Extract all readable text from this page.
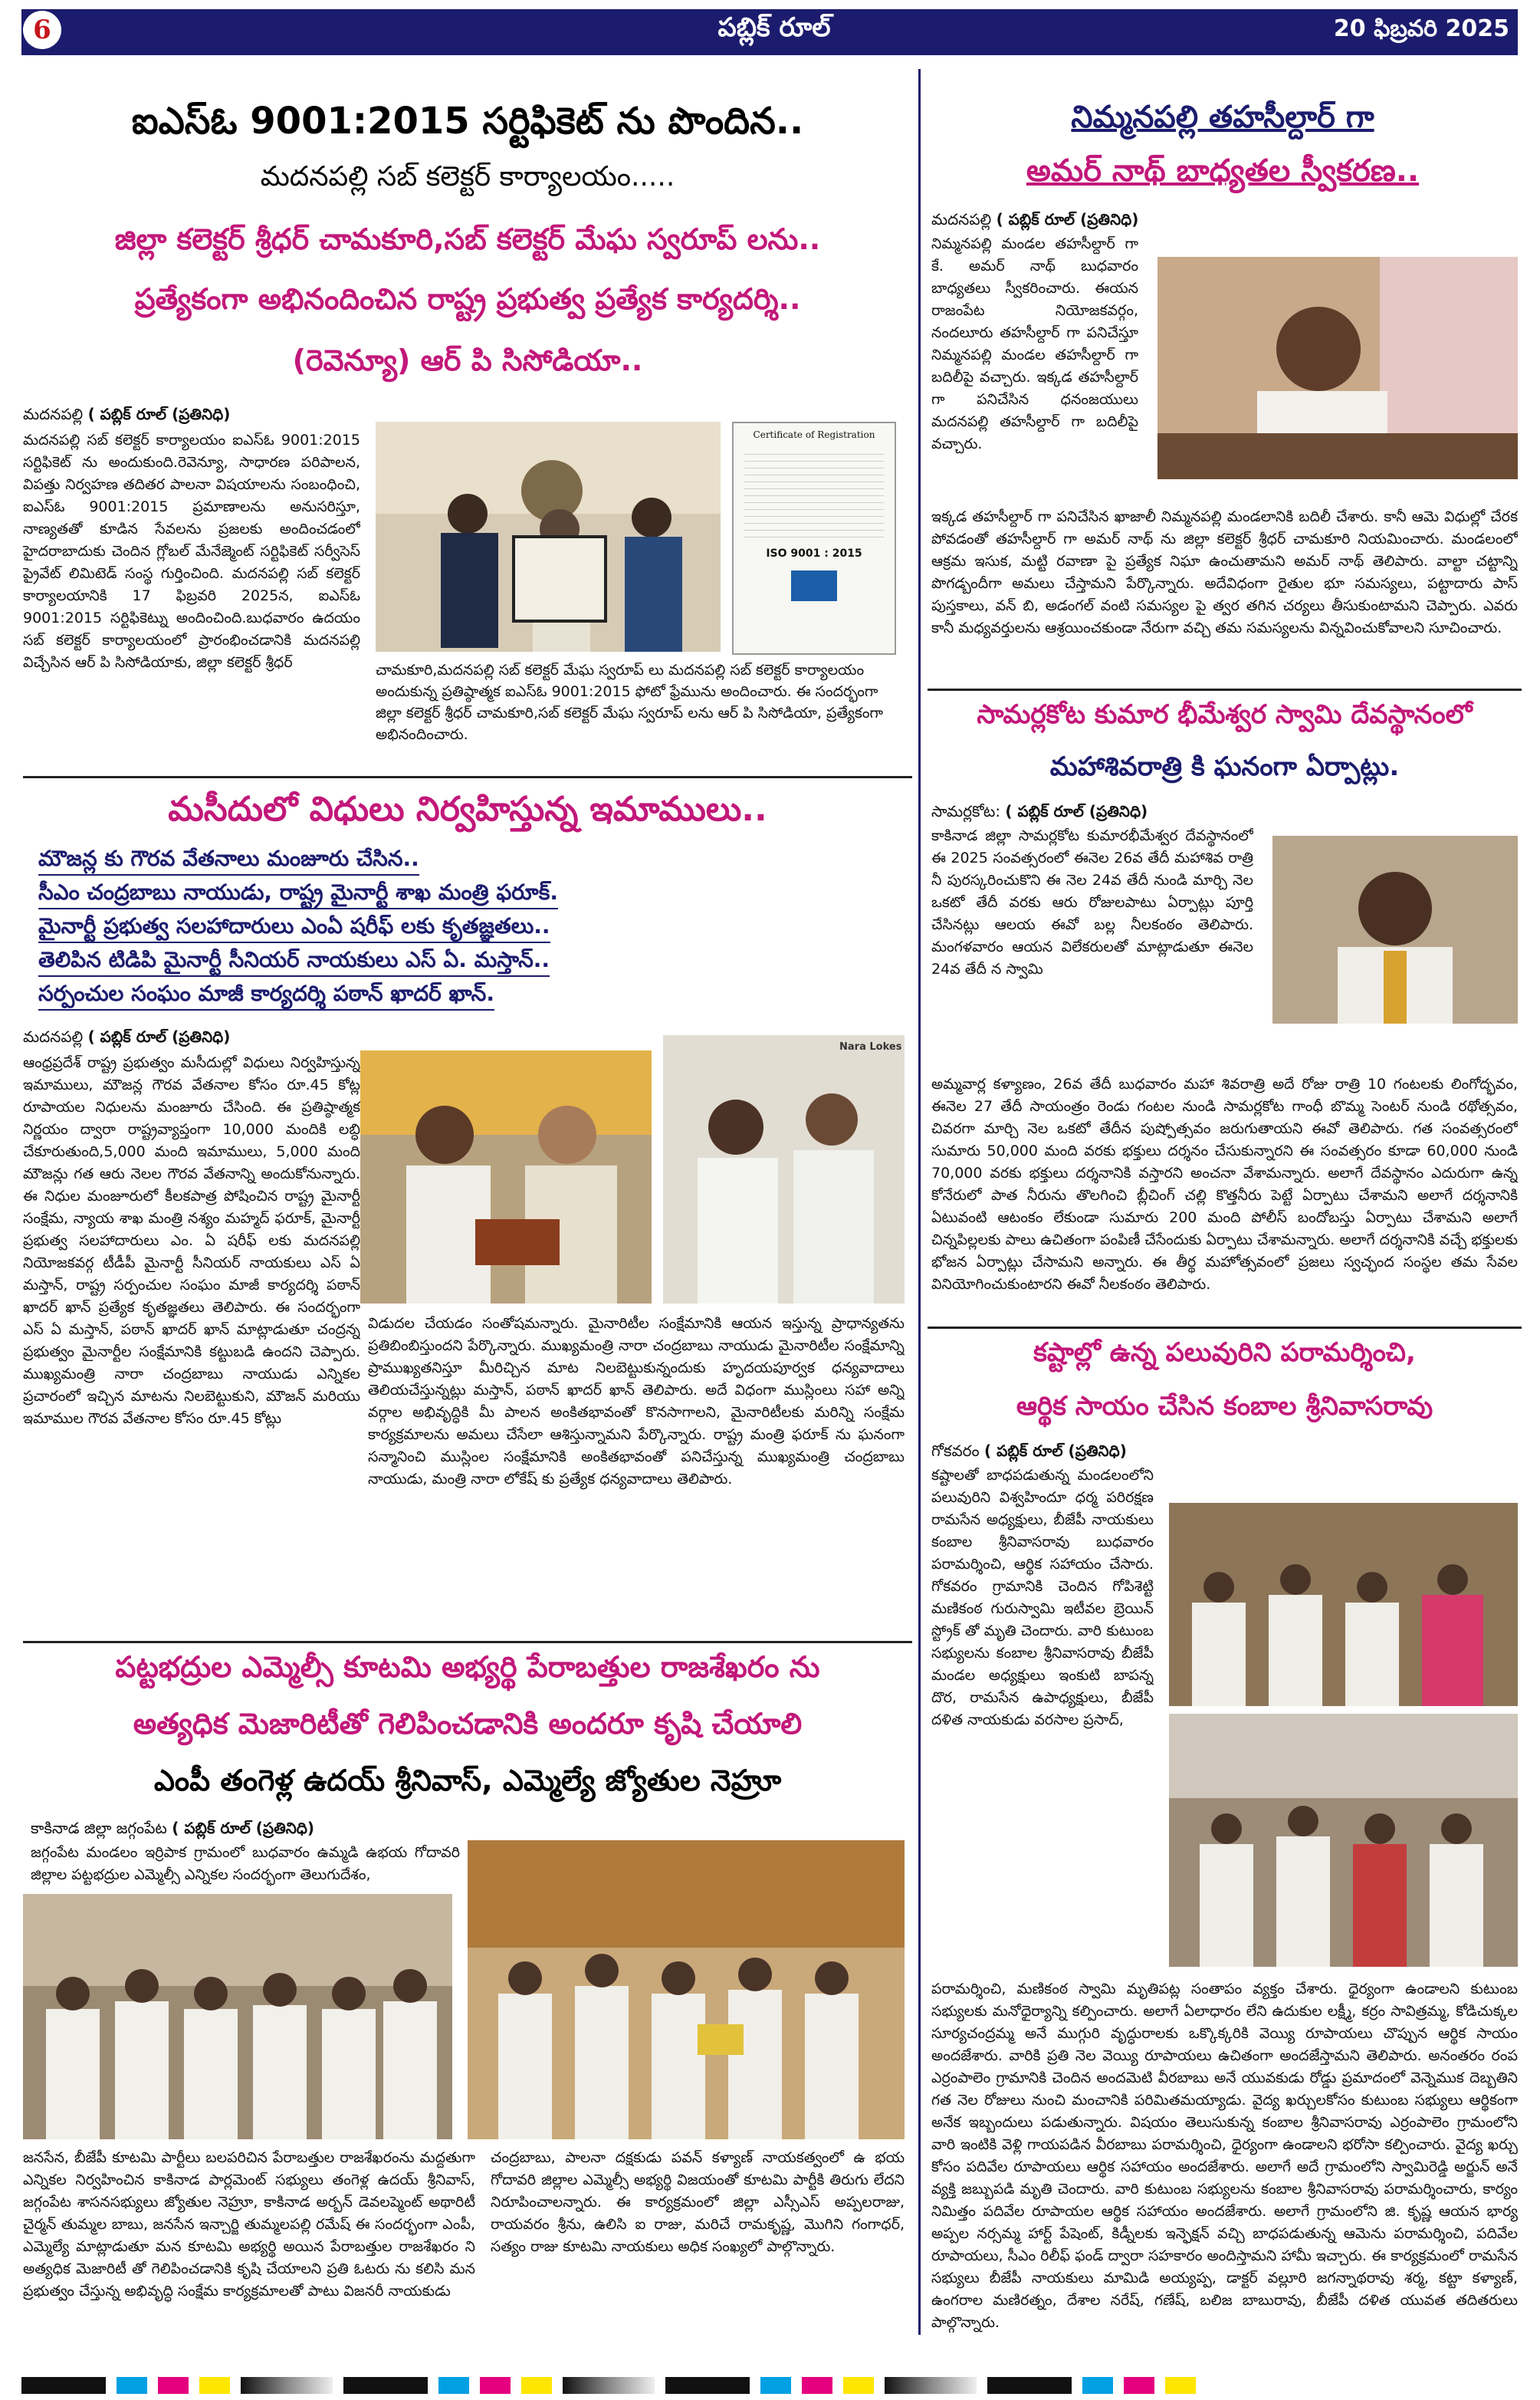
6	పబ్లిక్ రూల్	20 ఫిబ్రవరి 2025
ఐఎస్ఓ 9001:2015 సర్టిఫికెట్ ను పొందిన..
మదనపల్లి సబ్ కలెక్టర్ కార్యాలయం.....
జిల్లా కలెక్టర్ శ్రీధర్ చామకూరి,సబ్ కలెక్టర్ మేఘ స్వరూప్ లను..
ప్రత్యేకంగా అభినందించిన రాష్ట్ర ప్రభుత్వ ప్రత్యేక కార్యదర్శి..
(రెవెన్యూ) ఆర్ పి సిసోడియా..
మదనపల్లి ( పబ్లిక్ రూల్ (ప్రతినిధి)
మదనపల్లి సబ్ కలెక్టర్ కార్యాలయం ఐఎస్ఓ 9001:2015 సర్టిఫికెట్ ను అందుకుంది.రెవెన్యూ, సాధారణ పరిపాలన, విపత్తు నిర్వహణ తదితర పాలనా విషయాలను సంబంధించి, ఐఎస్ఓ 9001:2015 ప్రమాణాలను అనుసరిస్తూ, నాణ్యతతో కూడిన సేవలను ప్రజలకు అందించడంలో హైదరాబాదుకు చెందిన గ్లోబల్ మేనేజ్మెంట్ సర్టిఫికెట్ సర్వీసెస్ ప్రైవేట్ లిమిటెడ్ సంస్థ గుర్తించింది. మదనపల్లి సబ్ కలెక్టర్ కార్యాలయానికి 17 ఫిబ్రవరి 2025న, ఐఎస్ఓ 9001:2015 సర్టిఫికెట్ను అందించింది.బుధవారం ఉదయం సబ్ కలెక్టర్ కార్యాలయంలో ప్రారంభించడానికి మదనపల్లి విచ్చేసిన ఆర్ పి సిసోడియాకు, జిల్లా కలెక్టర్ శ్రీధర్
Certificate of Registration
ISO 9001 : 2015
చామకూరి,మదనపల్లి సబ్ కలెక్టర్ మేఘ స్వరూప్ లు మదనపల్లి సబ్ కలెక్టర్ కార్యాలయం అందుకున్న ప్రతిష్ఠాత్మక ఐఎస్ఓ 9001:2015 ఫోటో ఫ్రేమును అందించారు. ఈ సందర్భంగా జిల్లా కలెక్టర్ శ్రీధర్ చామకూరి,సబ్ కలెక్టర్ మేఘ స్వరూప్ లను ఆర్ పి సిసోడియా, ప్రత్యేకంగా అభినందించారు.
మసీదులో విధులు నిర్వహిస్తున్న ఇమాములు..
మౌజన్ల కు గౌరవ వేతనాలు మంజూరు చేసిన..
సీఎం చంద్రబాబు నాయుడు, రాష్ట్ర మైనార్టీ శాఖ మంత్రి ఫరూక్.
మైనార్టీ ప్రభుత్వ సలహాదారులు ఎంఏ షరీఫ్ లకు కృతజ్ఞతలు..
తెలిపిన టిడిపి మైనార్టీ సీనియర్ నాయకులు ఎస్ ఏ. మస్తాన్..
సర్పంచుల సంఘం మాజీ కార్యదర్శి పఠాన్ ఖాదర్ ఖాన్.
మదనపల్లి ( పబ్లిక్ రూల్ (ప్రతినిధి)
ఆంధ్రప్రదేశ్ రాష్ట్ర ప్రభుత్వం మసీదుల్లో విధులు నిర్వహిస్తున్న ఇమాములు, మౌజన్ల గౌరవ వేతనాల కోసం రూ.45 కోట్ల రూపాయల నిధులను మంజూరు చేసింది. ఈ ప్రతిష్ఠాత్మక నిర్ణయం ద్వారా రాష్ట్రవ్యాప్తంగా 10,000 మందికి లబ్ధి చేకూరుతుంది,5,000 మంది ఇమాములు, 5,000 మంది మౌజన్లు గత ఆరు నెలల గౌరవ వేతనాన్ని అందుకోనున్నారు. ఈ నిధుల మంజూరులో కీలకపాత్ర పోషించిన రాష్ట్ర మైనార్టీ సంక్షేమ, న్యాయ శాఖ మంత్రి నశ్యం మహ్మద్ ఫరూక్, మైనార్టీ ప్రభుత్వ సలహాదారులు ఎం. ఏ షరీఫ్ లకు మదనపల్లి నియోజకవర్గ టీడీపీ మైనార్టీ సీనియర్ నాయకులు ఎస్ ఏ మస్తాన్, రాష్ట్ర సర్పంచుల సంఘం మాజీ కార్యదర్శి పఠాన్ ఖాదర్ ఖాన్ ప్రత్యేక కృతజ్ఞతలు తెలిపారు. ఈ సందర్భంగా ఎస్ ఏ మస్తాన్, పఠాన్ ఖాదర్ ఖాన్ మాట్లాడుతూ చంద్రన్న ప్రభుత్వం మైనార్టీల సంక్షేమానికి కట్టుబడి ఉందని చెప్పారు. ముఖ్యమంత్రి నారా చంద్రబాబు నాయుడు ఎన్నికల ప్రచారంలో ఇచ్చిన మాటను నిలబెట్టుకుని, మౌజన్ మరియు ఇమాముల గౌరవ వేతనాల కోసం రూ.45 కోట్లు
Nara Lokes
విడుదల చేయడం సంతోషమన్నారు. మైనారిటీల సంక్షేమానికి ఆయన ఇస్తున్న ప్రాధాన్యతను ప్రతిబింబిస్తుందని పేర్కొన్నారు. ముఖ్యమంత్రి నారా చంద్రబాబు నాయుడు మైనారిటీల సంక్షేమాన్ని ప్రాముఖ్యతనిస్తూ మీరిచ్చిన మాట నిలబెట్టుకున్నందుకు హృదయపూర్వక ధన్యవాదాలు తెలియచేస్తున్నట్లు మస్తాన్, పఠాన్ ఖాదర్ ఖాన్ తెలిపారు. అదే విధంగా ముస్లింలు సహా అన్ని వర్గాల అభివృద్ధికి మీ పాలన అంకితభావంతో కొనసాగాలని, మైనారిటీలకు మరిన్ని సంక్షేమ కార్యక్రమాలను అమలు చేసేలా ఆశిస్తున్నామని పేర్కొన్నారు. రాష్ట్ర మంత్రి ఫరూక్ ను ఘనంగా సన్మానించి ముస్లింల సంక్షేమానికి అంకితభావంతో పనిచేస్తున్న ముఖ్యమంత్రి చంద్రబాబు నాయుడు, మంత్రి నారా లోకేష్ కు ప్రత్యేక ధన్యవాదాలు తెలిపారు.
పట్టభద్రుల ఎమ్మెల్సీ కూటమి అభ్యర్థి పేరాబత్తుల రాజశేఖరం ను
అత్యధిక మెజారిటీతో గెలిపించడానికి అందరూ కృషి చేయాలి
ఎంపీ తంగెళ్ల ఉదయ్ శ్రీనివాస్, ఎమ్మెల్యే జ్యోతుల నెహ్రూ
కాకినాడ జిల్లా జగ్గంపేట ( పబ్లిక్ రూల్ (ప్రతినిధి)
జగ్గంపేట మండలం ఇర్రిపాక గ్రామంలో బుధవారం ఉమ్మడి ఉభయ గోదావరి జిల్లాల పట్టభద్రుల ఎమ్మెల్సీ ఎన్నికల సందర్భంగా తెలుగుదేశం,
జనసేన, బీజేపీ కూటమి పార్టీలు బలపరిచిన పేరాబత్తుల రాజశేఖరంను మద్దతుగా ఎన్నికల నిర్వహించిన కాకినాడ పార్లమెంట్ సభ్యులు తంగెళ్ల ఉదయ్ శ్రీనివాస్, జగ్గంపేట శాసనసభ్యులు జ్యోతుల నెహ్రూ, కాకినాడ అర్బన్ డెవలప్మెంట్ అథారిటీ చైర్మన్ తుమ్మల బాబు, జనసేన ఇన్చార్జి తుమ్మలపల్లి రమేష్ ఈ సందర్భంగా ఎంపీ, ఎమ్మెల్యే మాట్లాడుతూ మన కూటమి అభ్యర్థి అయిన పేరాబత్తుల రాజశేఖరం ని అత్యధిక మెజారిటీ తో గెలిపించడానికి కృషి చేయాలని ప్రతి ఓటరు ను కలిసి మన ప్రభుత్వం చేస్తున్న అభివృద్ధి సంక్షేమ కార్యక్రమాలతో పాటు విజనరీ నాయకుడు
చంద్రబాబు, పాలనా దక్షకుడు పవన్ కళ్యాణ్ నాయకత్వంలో ఉ భయ గోదావరి జిల్లాల ఎమ్మెల్సీ అభ్యర్థి విజయంతో కూటమి పార్టీకి తిరుగు లేదని నిరూపించాలన్నారు. ఈ కార్యక్రమంలో జిల్లా ఎస్సీఎస్ అప్పలరాజు, రాయవరం శ్రీను, ఉలిసి ఐ రాజు, మరిచే రామకృష్ణ, మొగిని గంగాధర్, సత్యం రాజు కూటమి నాయకులు అధిక సంఖ్యలో పాల్గొన్నారు.
నిమ్మనపల్లి తహసీల్దార్ గా
అమర్ నాథ్ బాధ్యతల స్వీకరణ..
మదనపల్లి ( పబ్లిక్ రూల్ (ప్రతినిధి)
నిమ్మనపల్లి మండల తహసీల్దార్ గా కే. అమర్ నాథ్ బుధవారం బాధ్యతలు స్వీకరించారు. ఈయన రాజంపేట నియోజకవర్గం, నందలూరు తహసీల్దార్ గా పనిచేస్తూ నిమ్మనపల్లి మండల తహసీల్దార్ గా బదిలీపై వచ్చారు. ఇక్కడ తహసీల్దార్ గా పనిచేసిన ధనంజయులు మదనపల్లి తహసీల్దార్ గా బదిలీపై వచ్చారు.
ఇక్కడ తహసీల్దార్ గా పనిచేసిన ఖాజాలీ నిమ్మనపల్లి మండలానికి బదిలీ చేశారు. కానీ ఆమె విధుల్లో చేరక పోవడంతో తహసీల్దార్ గా అమర్ నాథ్ ను జిల్లా కలెక్టర్ శ్రీధర్ చామకూరి నియమించారు. మండలంలో ఆక్రమ ఇసుక, మట్టి రవాణా పై ప్రత్యేక నిఘా ఉంచుతామని అమర్ నాథ్ తెలిపారు. వాల్టా చట్టాన్ని పొగడ్బందీగా అమలు చేస్తామని పేర్కొన్నారు. అదేవిధంగా రైతుల భూ సమస్యలు, పట్టాదారు పాస్ పుస్తకాలు, వన్ బి, అడంగల్ వంటి సమస్యల పై త్వర తగిన చర్యలు తీసుకుంటామని చెప్పారు. ఎవరు కానీ మధ్యవర్తులను ఆశ్రయించకుండా నేరుగా వచ్చి తమ సమస్యలను విన్నవించుకోవాలని సూచించారు.
సామర్లకోట కుమార భీమేశ్వర స్వామి దేవస్థానంలో
మహాశివరాత్రి కి ఘనంగా ఏర్పాట్లు.
సామర్లకోట: ( పబ్లిక్ రూల్ (ప్రతినిధి)
కాకినాడ జిల్లా సామర్లకోట కుమారభీమేశ్వర దేవస్థానంలో ఈ 2025 సంవత్సరంలో ఈనెల 26వ తేదీ మహాశివ రాత్రి నీ పురస్కరించుకొని ఈ నెల 24వ తేదీ నుండి మార్చి నెల ఒకటో తేదీ వరకు ఆరు రోజులపాటు ఏర్పాట్లు పూర్తి చేసినట్లు ఆలయ ఈవో బల్ల నీలకంఠం తెలిపారు. మంగళవారం ఆయన విలేకరులతో మాట్లాడుతూ ఈనెల 24వ తేదీ న స్వామి
అమ్మవార్ల కళ్యాణం, 26వ తేదీ బుధవారం మహా శివరాత్రి అదే రోజు రాత్రి 10 గంటలకు లింగోద్భవం, ఈనెల 27 తేదీ సాయంత్రం రెండు గంటల నుండి సామర్లకోట గాంధీ బొమ్మ సెంటర్ నుండి రథోత్సవం, చివరగా మార్చి నెల ఒకటో తేదీన పుష్పోత్సవం జరుగుతాయని ఈవో తెలిపారు. గత సంవత్సరంలో సుమారు 50,000 మంది వరకు భక్తులు దర్శనం చేసుకున్నారని ఈ సంవత్సరం కూడా 60,000 నుండి 70,000 వరకు భక్తులు దర్శనానికి వస్తారని అంచనా వేశామన్నారు. అలాగే దేవస్థానం ఎదురుగా ఉన్న కోనేరులో పాత నీరును తొలగించి బ్లీచింగ్ చల్లి కొత్తనీరు పెట్టే ఏర్పాటు చేశామని అలాగే దర్శనానికి ఏటువంటి ఆటంకం లేకుండా సుమారు 200 మంది పోలీస్ బందోబస్తు ఏర్పాటు చేశామని అలాగే చిన్నపిల్లలకు పాలు ఉచితంగా పంపిణీ చేసేందుకు ఏర్పాటు చేశామన్నారు. అలాగే దర్శనానికి వచ్చే భక్తులకు భోజన ఏర్పాట్లు చేసామని అన్నారు. ఈ తీర్థ మహోత్సవంలో ప్రజలు స్వచ్ఛంద సంస్థల తమ సేవల వినియోగించుకుంటారని ఈవో నీలకంఠం తెలిపారు.
కష్టాల్లో ఉన్న పలువురిని పరామర్శించి,
ఆర్థిక సాయం చేసిన కంబాల శ్రీనివాసరావు
గోకవరం ( పబ్లిక్ రూల్ (ప్రతినిధి)
కష్టాలతో బాధపడుతున్న మండలంలోని పలువురిని విశ్వహిందూ ధర్మ పరిరక్షణ రామసేన అధ్యక్షులు, బీజేపీ నాయకులు కంబాల శ్రీనివాసరావు బుధవారం పరామర్శించి, ఆర్థిక సహాయం చేసారు. గోకవరం గ్రామానికి చెందిన గోపిశెట్టి మణికంఠ గురుస్వామి ఇటీవల బ్రెయిన్ స్ట్రోక్ తో మృతి చెందారు. వారి కుటుంబ సభ్యులను కంబాల శ్రీనివాసరావు బీజేపీ మండల అధ్యక్షులు ఇంకుటి బాపన్న దొర, రామసేన ఉపాధ్యక్షులు, బీజేపీ దళిత నాయకుడు వరసాల ప్రసాద్,
పరామర్శించి, మణికంఠ స్వామి మృతిపట్ల సంతాపం వ్యక్తం చేశారు. ధైర్యంగా ఉండాలని కుటుంబ సభ్యులకు మనోధైర్యాన్ని కల్పించారు. అలాగే ఏలాధారం లేని ఉదుకుల లక్ష్మీ, కర్రం సావిత్రమ్మ, కోడిచుక్కల సూర్యచంద్రమ్మ అనే ముగ్గురి వృద్ధురాలకు ఒక్కొక్కరికి వెయ్యి రూపాయలు చొప్పున ఆర్థిక సాయం అందజేశారు. వారికి ప్రతి నెల వెయ్యి రూపాయలు ఉచితంగా అందజేస్తామని తెలిపారు. అనంతరం రంప ఎర్రంపాలెం గ్రామానికి చెందిన అందమెటి వీరబాబు అనే యువకుడు రోడ్డు ప్రమాదంలో వెన్నెముక దెబ్బతిని గత నెల రోజులు నుంచి మంచానికి పరిమితమయ్యాడు. వైద్య ఖర్చులకోసం కుటుంబ సభ్యులు ఆర్థికంగా అనేక ఇబ్బందులు పడుతున్నారు. విషయం తెలుసుకున్న కంబాల శ్రీనివాసరావు ఎర్రంపాలెం గ్రామంలోని వారి ఇంటికి వెళ్లి గాయపడిన వీరబాబు పరామర్శించి, ధైర్యంగా ఉండాలని భరోసా కల్పించారు. వైద్య ఖర్చు కోసం పదివేల రూపాయలు ఆర్థిక సహాయం అందజేశారు. అలాగే అదే గ్రామంలోని స్వామిరెడ్డి అర్జున్ అనే వ్యక్తి జబ్బుపడి మృతి చెందారు. వారి కుటుంబ సభ్యులను కంబాల శ్రీనివాసరావు పరామర్శించారు, కార్యం నిమిత్తం పదివేల రూపాయల ఆర్థిక సహాయం అందజేశారు. అలాగే గ్రామంలోని జి. కృష్ణ ఆయన భార్య అప్పల నర్సమ్మ హార్ట్ పేషెంట్, కిడ్నీలకు ఇన్ఫెక్షన్ వచ్చి బాధపడుతున్న ఆమెను పరామర్శించి, పదివేల రూపాయలు, సీఎం రిలీఫ్ ఫండ్ ద్వారా సహకారం అందిస్తామని హామీ ఇచ్చారు. ఈ కార్యక్రమంలో రామసేన సభ్యులు బీజేపీ నాయకులు మామిడి అయ్యప్ప, డాక్టర్ వల్లూరి జగన్నాథరావు శర్మ, కట్టా కళ్యాణ్, ఉంగరాల మణిరత్నం, దేశాల నరేష్, గణేష్, బలిజ బాబురావు, బీజేపీ దళిత యువత తదితరులు పాల్గొన్నారు.
